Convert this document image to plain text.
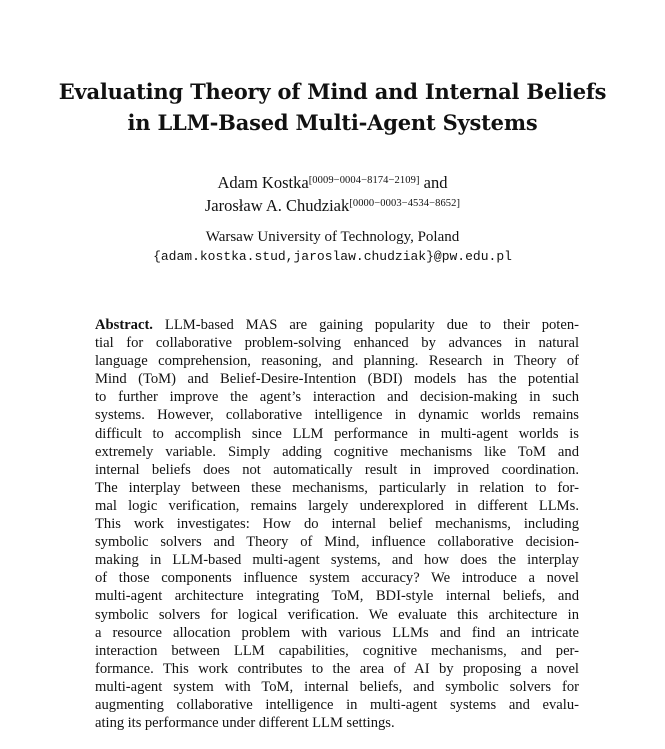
Evaluating Theory of Mind and Internal Beliefs
in LLM-Based Multi-Agent Systems
Adam Kostka[0009−0004−8174−2109] and
Jarosław A. Chudziak[0000−0003−4534−8652]
Warsaw University of Technology, Poland
{adam.kostka.stud,jaroslaw.chudziak}@pw.edu.pl
Abstract. LLM-based MAS are gaining popularity due to their poten-
tial for collaborative problem-solving enhanced by advances in natural
language comprehension, reasoning, and planning. Research in Theory of
Mind (ToM) and Belief-Desire-Intention (BDI) models has the potential
to further improve the agent’s interaction and decision-making in such
systems. However, collaborative intelligence in dynamic worlds remains
difficult to accomplish since LLM performance in multi-agent worlds is
extremely variable. Simply adding cognitive mechanisms like ToM and
internal beliefs does not automatically result in improved coordination.
The interplay between these mechanisms, particularly in relation to for-
mal logic verification, remains largely underexplored in different LLMs.
This work investigates: How do internal belief mechanisms, including
symbolic solvers and Theory of Mind, influence collaborative decision-
making in LLM-based multi-agent systems, and how does the interplay
of those components influence system accuracy? We introduce a novel
multi-agent architecture integrating ToM, BDI-style internal beliefs, and
symbolic solvers for logical verification. We evaluate this architecture in
a resource allocation problem with various LLMs and find an intricate
interaction between LLM capabilities, cognitive mechanisms, and per-
formance. This work contributes to the area of AI by proposing a novel
multi-agent system with ToM, internal beliefs, and symbolic solvers for
augmenting collaborative intelligence in multi-agent systems and evalu-
ating its performance under different LLM settings.
